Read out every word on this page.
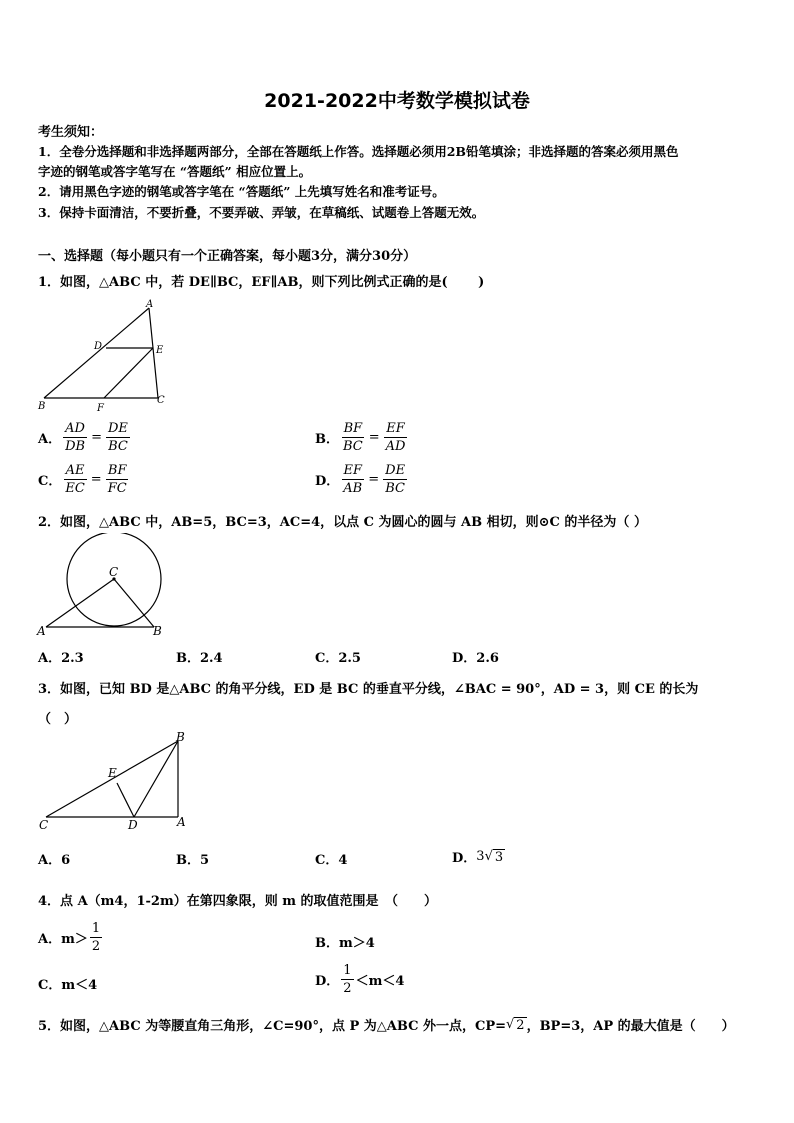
2021-2022中考数学模拟试卷
考生须知：
1．全卷分选择题和非选择题两部分，全部在答题纸上作答。选择题必须用2B铅笔填涂；非选择题的答案必须用黑色
字迹的钢笔或答字笔写在 “答题纸” 相应位置上。
2．请用黑色字迹的钢笔或答字笔在 “答题纸” 上先填写姓名和准考证号。
3．保持卡面清洁，不要折叠，不要弄破、弄皱，在草稿纸、试题卷上答题无效。
一、选择题（每小题只有一个正确答案，每小题3分，满分30分）
1．如图，△ABC 中，若 DE∥BC，EF∥AB，则下列比例式正确的是(　　 )
A
D	E
B	F
C
A． $\frac{AD}{DB} = \frac{DE}{BC}$	B． $\frac{BF}{BC} = \frac{EF}{AD}$
C． $\frac{AE}{EC} = \frac{BF}{FC}$	D． $\frac{EF}{AB} = \frac{DE}{BC}$
2．如图，△ABC 中，AB=5，BC=3，AC=4，以点 C 为圆心的圆与 AB 相切，则⊙C 的半径为（ ）
C
A	B
A．2.3	B．2.4	C．2.5	D．2.6
3．如图，已知 BD 是△ABC 的角平分线，ED 是 BC 的垂直平分线，∠BAC = 90°，AD = 3，则 CE 的长为
（　）
B
E
C	D	A
A．6	B．5	C．4	D． 3 √ 3
4．点 A（m4，1-2m）在第四象限，则 m 的取值范围是　（　　）
A．$m> \frac{1}{2}$	B．m＞4
C．m＜4	D． $\frac{1}{2} <m<4$
5．如图，△ABC 为等腰直角三角形，∠C=90°，点 P 为△ABC 外一点，CP= √ 2 ，BP=3，AP 的最大值是（　　）
